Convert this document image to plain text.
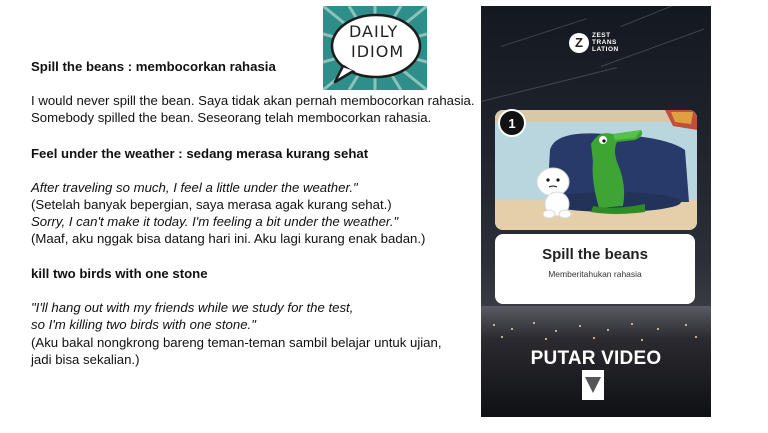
Spill the beans : membocorkan rahasia

I would never spill the bean. Saya tidak akan pernah membocorkan rahasia.

Somebody spilled the bean. Seseorang telah membocorkan rahasia.

Feel under the weather : sedang merasa kurang sehat

After traveling so much, I feel a little under the weather."

(Setelah banyak bepergian, saya merasa agak kurang sehat.)

Sorry, I can't make it today. I'm feeling a bit under the weather."

(Maaf, aku nggak bisa datang hari ini. Aku lagi kurang enak badan.)

kill two birds with one stone

"I'll hang out with my friends while we study for the test,

so I'm killing two birds with one stone."

(Aku bakal nongkrong bareng teman-teman sambil belajar untuk ujian,

jadi bisa sekalian.)

DAILY
IDIOM	Z	ZEST
TRANS
LATION
1
Spill the beans
Memberitahukan rahasia
PUTAR VIDEO
